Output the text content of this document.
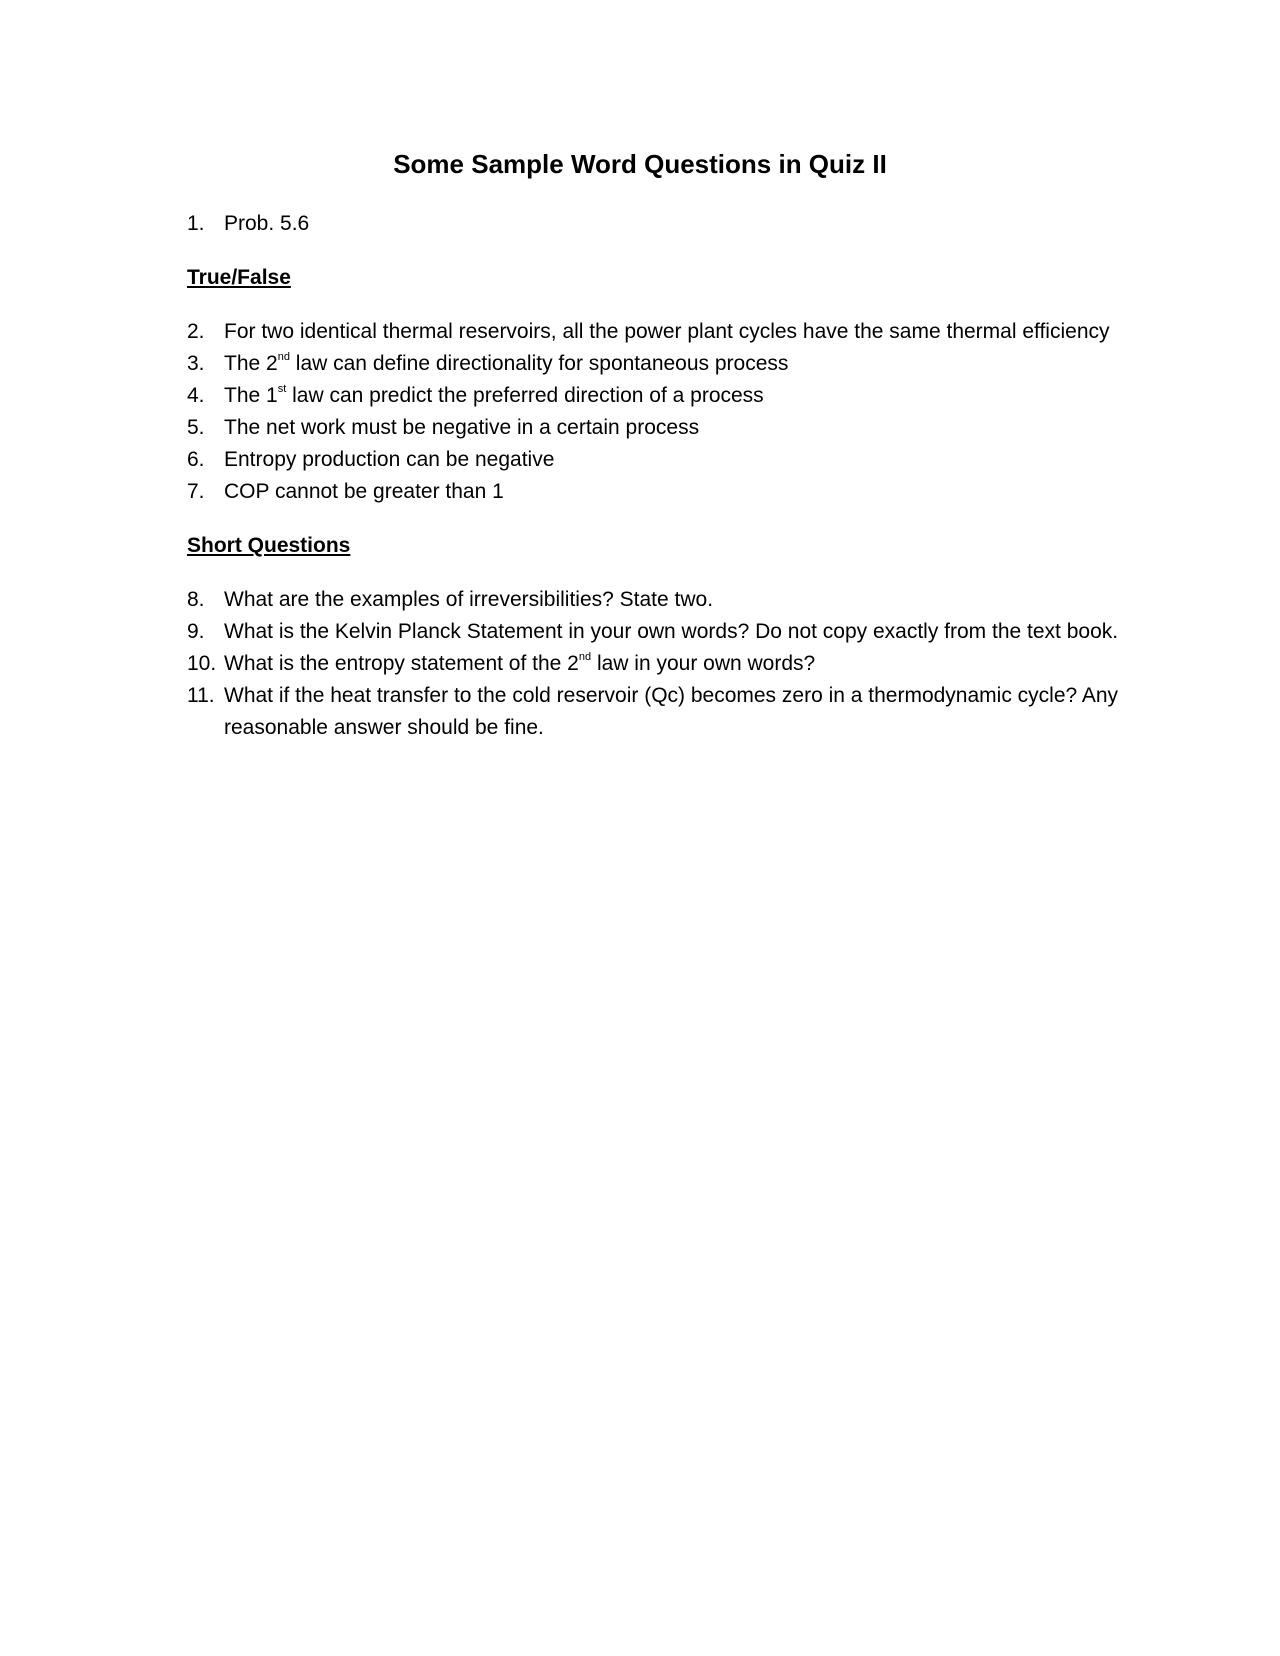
Some Sample Word Questions in Quiz II
1. Prob. 5.6

True/False

2. For two identical thermal reservoirs, all the power plant cycles have the same thermal efficiency
3. The 2nd law can define directionality for spontaneous process
4. The 1st law can predict the preferred direction of a process
5. The net work must be negative in a certain process
6. Entropy production can be negative
7. COP cannot be greater than 1

Short Questions

8. What are the examples of irreversibilities? State two.
9. What is the Kelvin Planck Statement in your own words? Do not copy exactly from the text book.
10. What is the entropy statement of the 2nd law in your own words?
11. What if the heat transfer to the cold reservoir (Qc) becomes zero in a thermodynamic cycle? Any reasonable answer should be fine.
